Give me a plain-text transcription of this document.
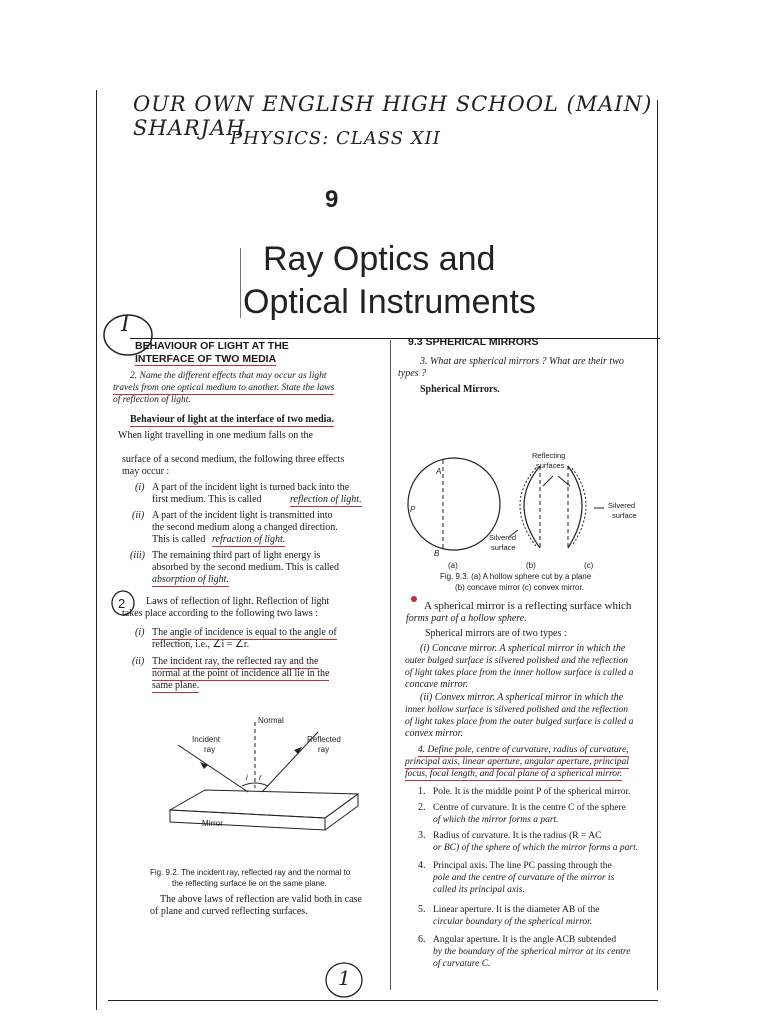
OUR OWN ENGLISH HIGH SCHOOL (MAIN) SHARJAH
PHYSICS: CLASS XII
9
Ray Optics and
Optical Instruments
I
BEHAVIOUR OF LIGHT AT THE
INTERFACE OF TWO MEDIA
2. Name the different effects that may occur as light
travels from one optical medium to another. State the laws
of reflection of light.
Behaviour of light at the interface of two media.
When light travelling in one medium falls on the
surface of a second medium, the following three effects
may occur :
(i) A part of the incident light is turned back into the
first medium. This is called	reflection of light.
(ii) A part of the incident light is transmitted into
the second medium along a changed direction.
This is called refraction of light.
(iii) The remaining third part of light energy is
absorbed by the second medium. This is called
absorption of light.
2 Laws of reflection of light. Reflection of light
takes place according to the following two laws :
(i) The angle of incidence is equal to the angle of
reflection, i.e., ∠i = ∠r.
(ii) The incident ray, the reflected ray and the
normal at the point of incidence all lie in the
same plane.
Normal
Incident
ray
Reflected
ray
Mirror
i r
Fig. 9.2. The incident ray, reflected ray and the normal to
the reflecting surface lie on the same plane.
The above laws of reflection are valid both in case
of plane and curved reflecting surfaces.
1
9.3 SPHERICAL MIRRORS
3. What are spherical mirrors ? What are their two
types ?
Spherical Mirrors.
Reflecting
surfaces
Silvered
surface
Silvered
surface
A
B
P
(a)	(b)	(c)
Fig. 9.3. (a) A hollow sphere cut by a plane
(b) concave mirror (c) convex mirror.
A spherical mirror is a reflecting surface which
forms part of a hollow sphere.
Spherical mirrors are of two types :
(i) Concave mirror. A spherical mirror in which the
outer bulged surface is silvered polished and the reflection
of light takes place from the inner hollow surface is called a
concave mirror.
(ii) Convex mirror. A spherical mirror in which the
inner hollow surface is silvered polished and the reflection
of light takes place from the outer bulged surface is called a
convex mirror.
4. Define pole, centre of curvature, radius of curvature,
principal axis, linear aperture, angular aperture, principal
focus, focal length, and focal plane of a spherical mirror.
1. Pole. It is the middle point P of the spherical mirror.
2. Centre of curvature. It is the centre C of the sphere
of which the mirror forms a part.
3. Radius of curvature. It is the radius (R = AC
or BC) of the sphere of which the mirror forms a part.
4. Principal axis. The line PC passing through the
pole and the centre of curvature of the mirror is
called its principal axis.
5. Linear aperture. It is the diameter AB of the
circular boundary of the spherical mirror.
6. Angular aperture. It is the angle ACB subtended
by the boundary of the spherical mirror at its centre
of curvature C.
